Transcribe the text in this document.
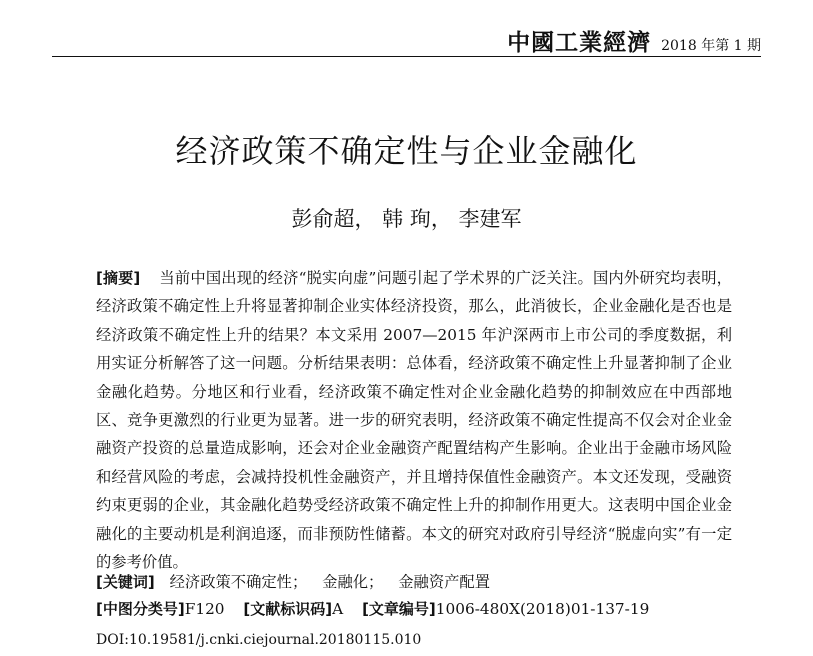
中國工業經濟 2018 年第 1 期
经济政策不确定性与企业金融化
彭俞超， 韩 珣， 李建军
[摘要] 当前中国出现的经济“脱实向虚”问题引起了学术界的广泛关注。国内外研究均表明，经济政策不确定性上升将显著抑制企业实体经济投资，那么，此消彼长，企业金融化是否也是经济政策不确定性上升的结果？本文采用 2007—2015 年沪深两市上市公司的季度数据，利用实证分析解答了这一问题。分析结果表明：总体看，经济政策不确定性上升显著抑制了企业金融化趋势。分地区和行业看，经济政策不确定性对企业金融化趋势的抑制效应在中西部地区、竞争更激烈的行业更为显著。进一步的研究表明，经济政策不确定性提高不仅会对企业金融资产投资的总量造成影响，还会对企业金融资产配置结构产生影响。企业出于金融市场风险和经营风险的考虑，会减持投机性金融资产，并且增持保值性金融资产。本文还发现，受融资约束更弱的企业，其金融化趋势受经济政策不确定性上升的抑制作用更大。这表明中国企业金融化的主要动机是利润追逐，而非预防性储蓄。本文的研究对政府引导经济“脱虚向实”有一定的参考价值。
[关键词] 经济政策不确定性； 金融化； 金融资产配置
[中图分类号]F120 [文献标识码]A [文章编号]1006-480X(2018)01-137-19
DOI:10.19581/j.cnki.ciejournal.20180115.010
